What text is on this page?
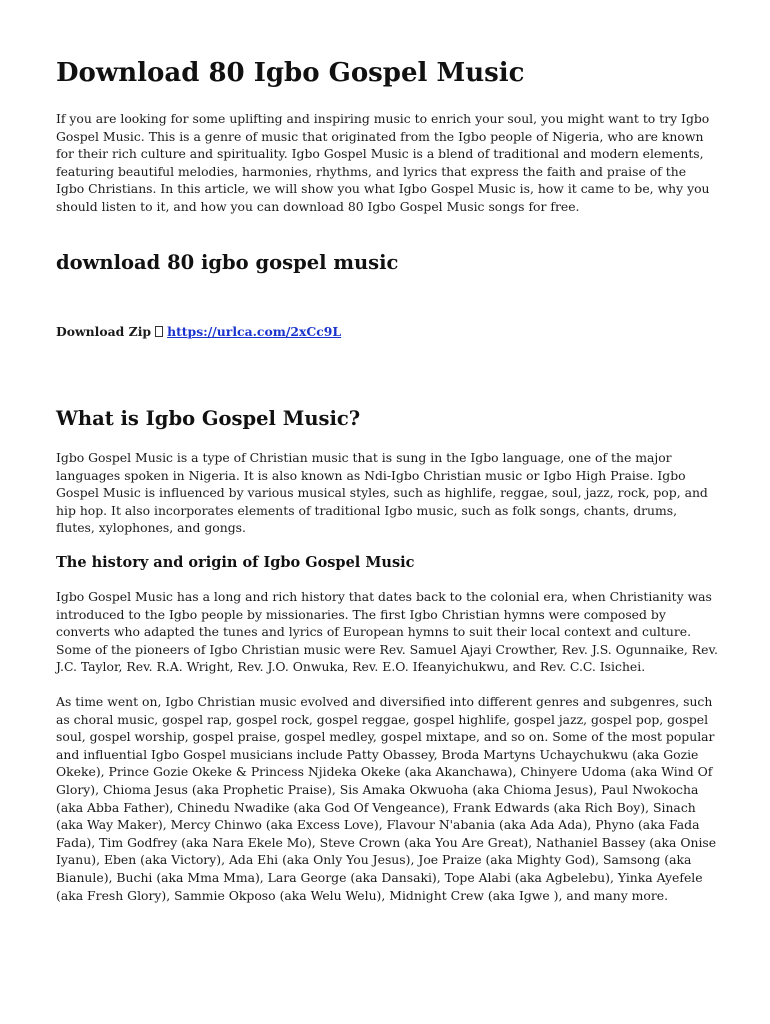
Download 80 Igbo Gospel Music

If you are looking for some uplifting and inspiring music to enrich your soul, you might want to try Igbo Gospel Music. This is a genre of music that originated from the Igbo people of Nigeria, who are known for their rich culture and spirituality. Igbo Gospel Music is a blend of traditional and modern elements, featuring beautiful melodies, harmonies, rhythms, and lyrics that express the faith and praise of the Igbo Christians. In this article, we will show you what Igbo Gospel Music is, how it came to be, why you should listen to it, and how you can download 80 Igbo Gospel Music songs for free.

download 80 igbo gospel music
Download Zip https://urlca.com/2xCc9L
What is Igbo Gospel Music?

Igbo Gospel Music is a type of Christian music that is sung in the Igbo language, one of the major languages spoken in Nigeria. It is also known as Ndi-Igbo Christian music or Igbo High Praise. Igbo Gospel Music is influenced by various musical styles, such as highlife, reggae, soul, jazz, rock, pop, and hip hop. It also incorporates elements of traditional Igbo music, such as folk songs, chants, drums, flutes, xylophones, and gongs.

The history and origin of Igbo Gospel Music

Igbo Gospel Music has a long and rich history that dates back to the colonial era, when Christianity was introduced to the Igbo people by missionaries. The first Igbo Christian hymns were composed by converts who adapted the tunes and lyrics of European hymns to suit their local context and culture. Some of the pioneers of Igbo Christian music were Rev. Samuel Ajayi Crowther, Rev. J.S. Ogunnaike, Rev. J.C. Taylor, Rev. R.A. Wright, Rev. J.O. Onwuka, Rev. E.O. Ifeanyichukwu, and Rev. C.C. Isichei.

As time went on, Igbo Christian music evolved and diversified into different genres and subgenres, such as choral music, gospel rap, gospel rock, gospel reggae, gospel highlife, gospel jazz, gospel pop, gospel soul, gospel worship, gospel praise, gospel medley, gospel mixtape, and so on. Some of the most popular and influential Igbo Gospel musicians include Patty Obassey, Broda Martyns Uchaychukwu (aka Gozie Okeke), Prince Gozie Okeke & Princess Njideka Okeke (aka Akanchawa), Chinyere Udoma (aka Wind Of Glory), Chioma Jesus (aka Prophetic Praise), Sis Amaka Okwuoha (aka Chioma Jesus), Paul Nwokocha (aka Abba Father), Chinedu Nwadike (aka God Of Vengeance), Frank Edwards (aka Rich Boy), Sinach (aka Way Maker), Mercy Chinwo (aka Excess Love), Flavour N'abania (aka Ada Ada), Phyno (aka Fada Fada), Tim Godfrey (aka Nara Ekele Mo), Steve Crown (aka You Are Great), Nathaniel Bassey (aka Onise Iyanu), Eben (aka Victory), Ada Ehi (aka Only You Jesus), Joe Praize (aka Mighty God), Samsong (aka Bianule), Buchi (aka Mma Mma), Lara George (aka Dansaki), Tope Alabi (aka Agbelebu), Yinka Ayefele (aka Fresh Glory), Sammie Okposo (aka Welu Welu), Midnight Crew (aka Igwe ), and many more.
